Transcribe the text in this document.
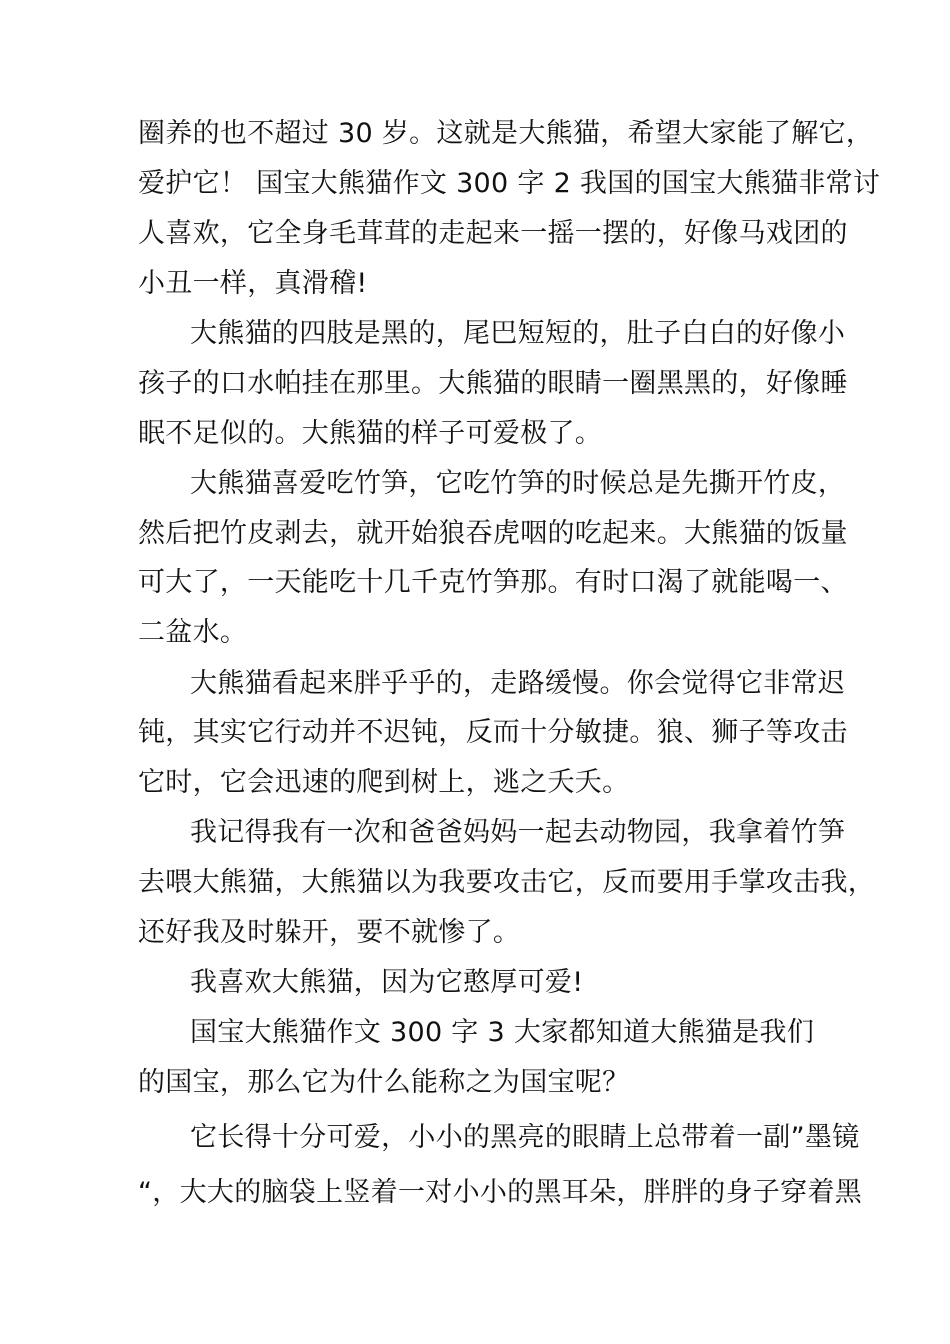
圈养的也不超过 30 岁。这就是大熊猫，希望大家能了解它，
爱护它！ 国宝大熊猫作文 300 字 2 我国的国宝大熊猫非常讨
人喜欢，它全身毛茸茸的走起来一摇一摆的，好像马戏团的
小丑一样，真滑稽!
大熊猫的四肢是黑的，尾巴短短的，肚子白白的好像小
孩子的口水帕挂在那里。大熊猫的眼睛一圈黑黑的，好像睡
眠不足似的。大熊猫的样子可爱极了。
大熊猫喜爱吃竹笋，它吃竹笋的时候总是先撕开竹皮，
然后把竹皮剥去，就开始狼吞虎咽的吃起来。大熊猫的饭量
可大了，一天能吃十几千克竹笋那。有时口渴了就能喝一、
二盆水。
大熊猫看起来胖乎乎的，走路缓慢。你会觉得它非常迟
钝，其实它行动并不迟钝，反而十分敏捷。狼、狮子等攻击
它时，它会迅速的爬到树上，逃之夭夭。
我记得我有一次和爸爸妈妈一起去动物园，我拿着竹笋
去喂大熊猫，大熊猫以为我要攻击它，反而要用手掌攻击我，
还好我及时躲开，要不就惨了。
我喜欢大熊猫，因为它憨厚可爱!
国宝大熊猫作文 300 字 3 大家都知道大熊猫是我们
的国宝，那么它为什么能称之为国宝呢？
它长得十分可爱，小小的黑亮的眼睛上总带着一副”墨镜
“，大大的脑袋上竖着一对小小的黑耳朵，胖胖的身子穿着黑
